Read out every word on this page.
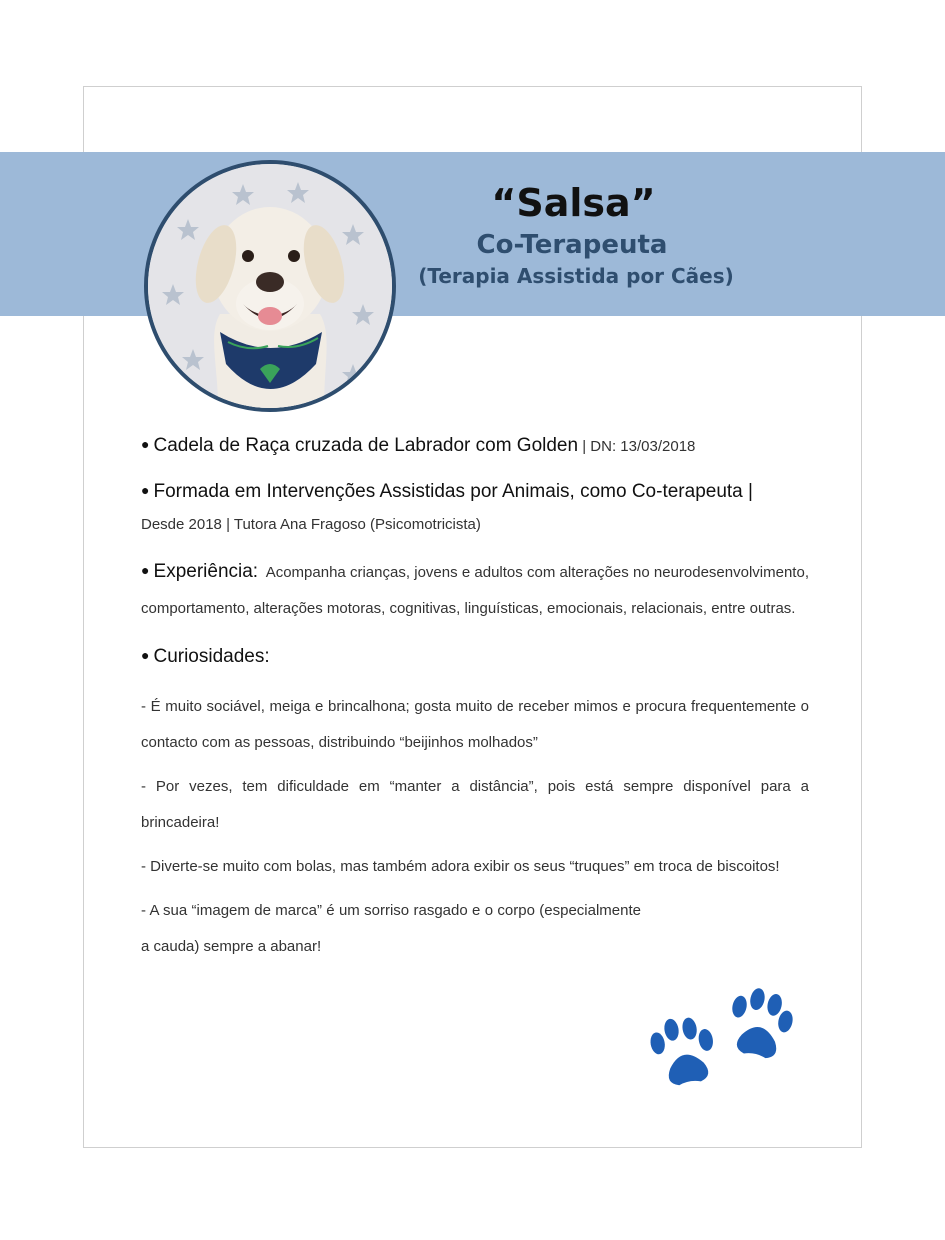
“Salsa”
Co-Terapeuta
(Terapia Assistida por Cães)
● Cadela de Raça cruzada de Labrador com Golden | DN: 13/03/2018
● Formada em Intervenções Assistidas por Animais, como Co-terapeuta |
Desde 2018 | Tutora Ana Fragoso (Psicomotricista)
● Experiência: Acompanha crianças, jovens e adultos com alterações no neurodesenvolvimento, comportamento, alterações motoras, cognitivas, linguísticas, emocionais, relacionais, entre outras.
● Curiosidades:
- É muito sociável, meiga e brincalhona; gosta muito de receber mimos e procura frequentemente o contacto com as pessoas, distribuindo “beijinhos molhados”
- Por vezes, tem dificuldade em “manter a distância”, pois está sempre disponível para a brincadeira!
- Diverte-se muito com bolas, mas também adora exibir os seus “truques” em troca de biscoitos!
- A sua “imagem de marca” é um sorriso rasgado e o corpo (especialmente a cauda) sempre a abanar!
